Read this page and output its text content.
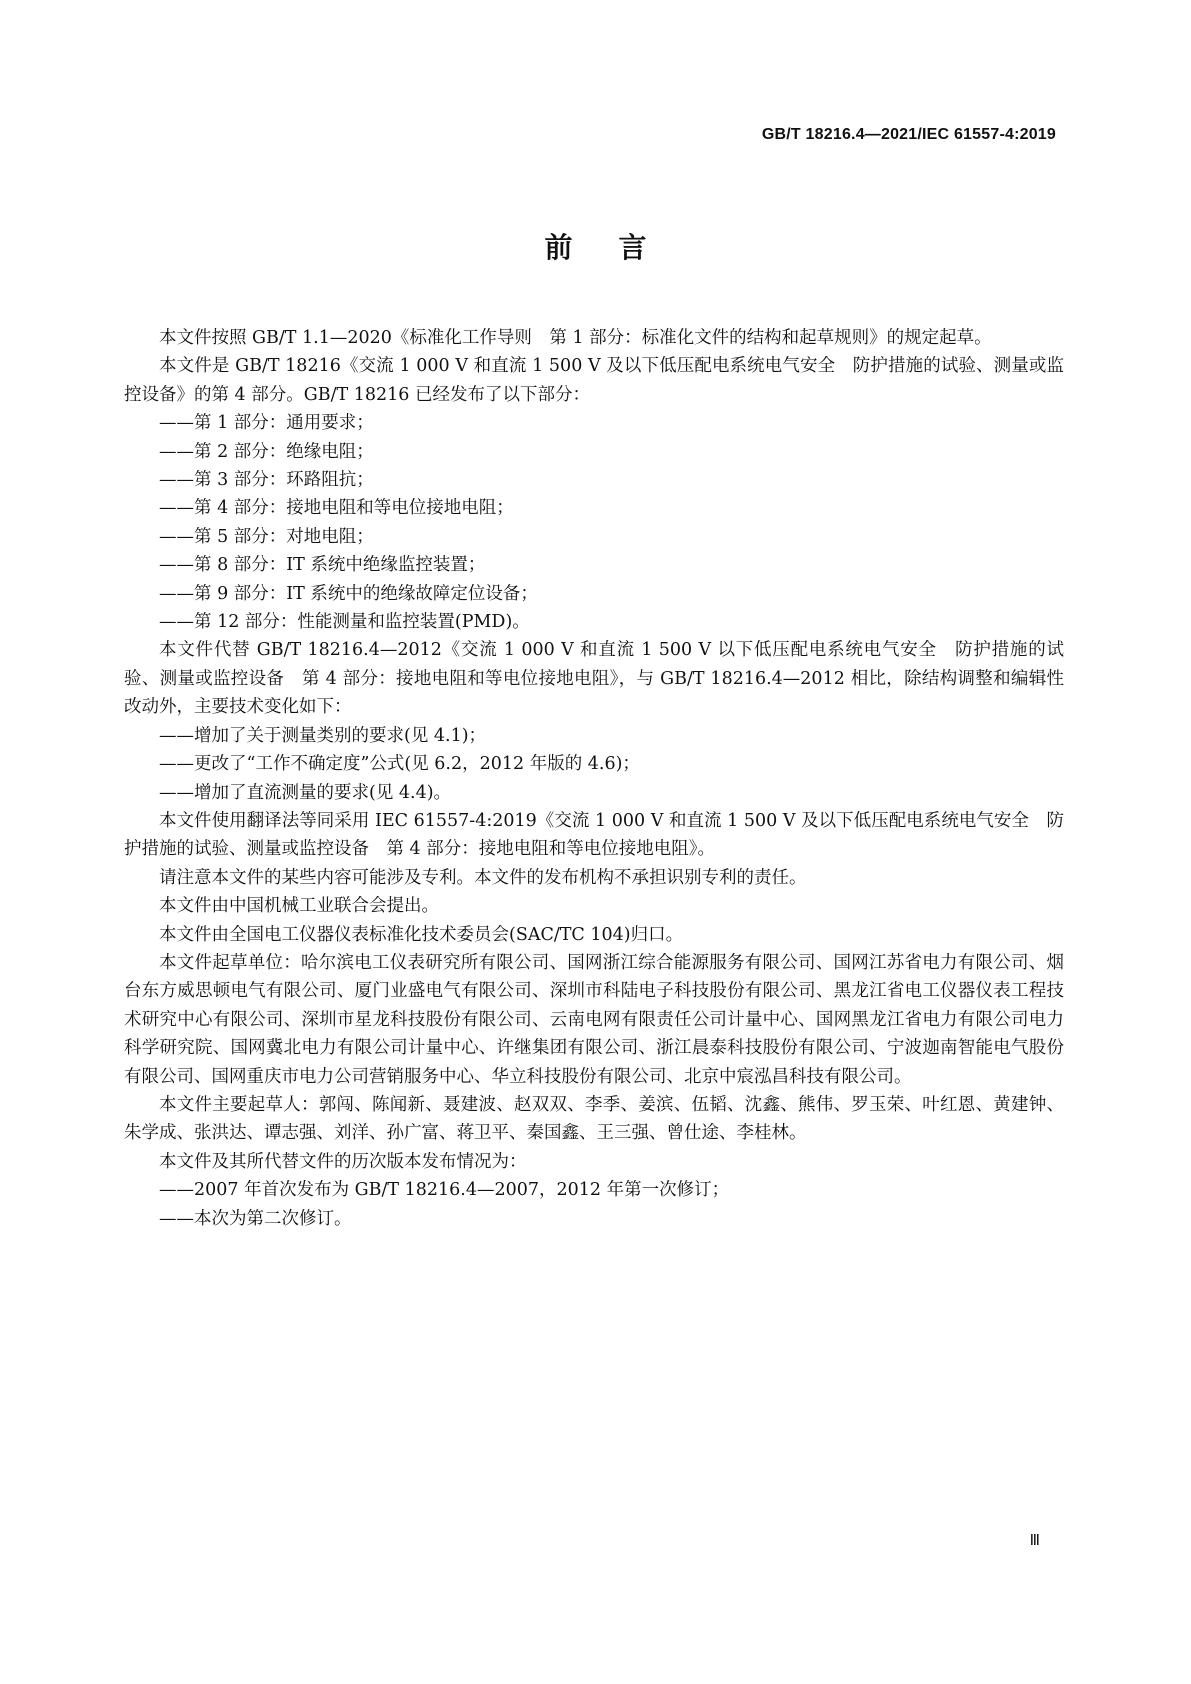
GB/T 18216.4—2021/IEC 61557-4:2019
前言

本文件按照 GB/T 1.1—2020《标准化工作导则　第 1 部分：标准化文件的结构和起草规则》的规定起草。

本文件是 GB/T 18216《交流 1 000 V 和直流 1 500 V 及以下低压配电系统电气安全　防护措施的试验、测量或监控设备》的第 4 部分。GB/T 18216 已经发布了以下部分：

——第 1 部分：通用要求；

——第 2 部分：绝缘电阻；

——第 3 部分：环路阻抗；

——第 4 部分：接地电阻和等电位接地电阻；

——第 5 部分：对地电阻；

——第 8 部分：IT 系统中绝缘监控装置；

——第 9 部分：IT 系统中的绝缘故障定位设备；

——第 12 部分：性能测量和监控装置(PMD)。

本文件代替 GB/T 18216.4—2012《交流 1 000 V 和直流 1 500 V 以下低压配电系统电气安全　防护措施的试验、测量或监控设备　第 4 部分：接地电阻和等电位接地电阻》，与 GB/T 18216.4—2012 相比，除结构调整和编辑性改动外，主要技术变化如下：

——增加了关于测量类别的要求(见 4.1)；

——更改了“工作不确定度”公式(见 6.2，2012 年版的 4.6)；

——增加了直流测量的要求(见 4.4)。

本文件使用翻译法等同采用 IEC 61557-4:2019《交流 1 000 V 和直流 1 500 V 及以下低压配电系统电气安全　防护措施的试验、测量或监控设备　第 4 部分：接地电阻和等电位接地电阻》。

请注意本文件的某些内容可能涉及专利。本文件的发布机构不承担识别专利的责任。

本文件由中国机械工业联合会提出。

本文件由全国电工仪器仪表标准化技术委员会(SAC/TC 104)归口。

本文件起草单位：哈尔滨电工仪表研究所有限公司、国网浙江综合能源服务有限公司、国网江苏省电力有限公司、烟台东方威思顿电气有限公司、厦门业盛电气有限公司、深圳市科陆电子科技股份有限公司、黑龙江省电工仪器仪表工程技术研究中心有限公司、深圳市星龙科技股份有限公司、云南电网有限责任公司计量中心、国网黑龙江省电力有限公司电力科学研究院、国网冀北电力有限公司计量中心、许继集团有限公司、浙江晨泰科技股份有限公司、宁波迦南智能电气股份有限公司、国网重庆市电力公司营销服务中心、华立科技股份有限公司、北京中宸泓昌科技有限公司。

本文件主要起草人：郭闯、陈闻新、聂建波、赵双双、李季、姜滨、伍韬、沈鑫、熊伟、罗玉荣、叶红恩、黄建钟、朱学成、张洪达、谭志强、刘洋、孙广富、蒋卫平、秦国鑫、王三强、曾仕途、李桂林。

本文件及其所代替文件的历次版本发布情况为：

——2007 年首次发布为 GB/T 18216.4—2007，2012 年第一次修订；

——本次为第二次修订。

Ⅲ
